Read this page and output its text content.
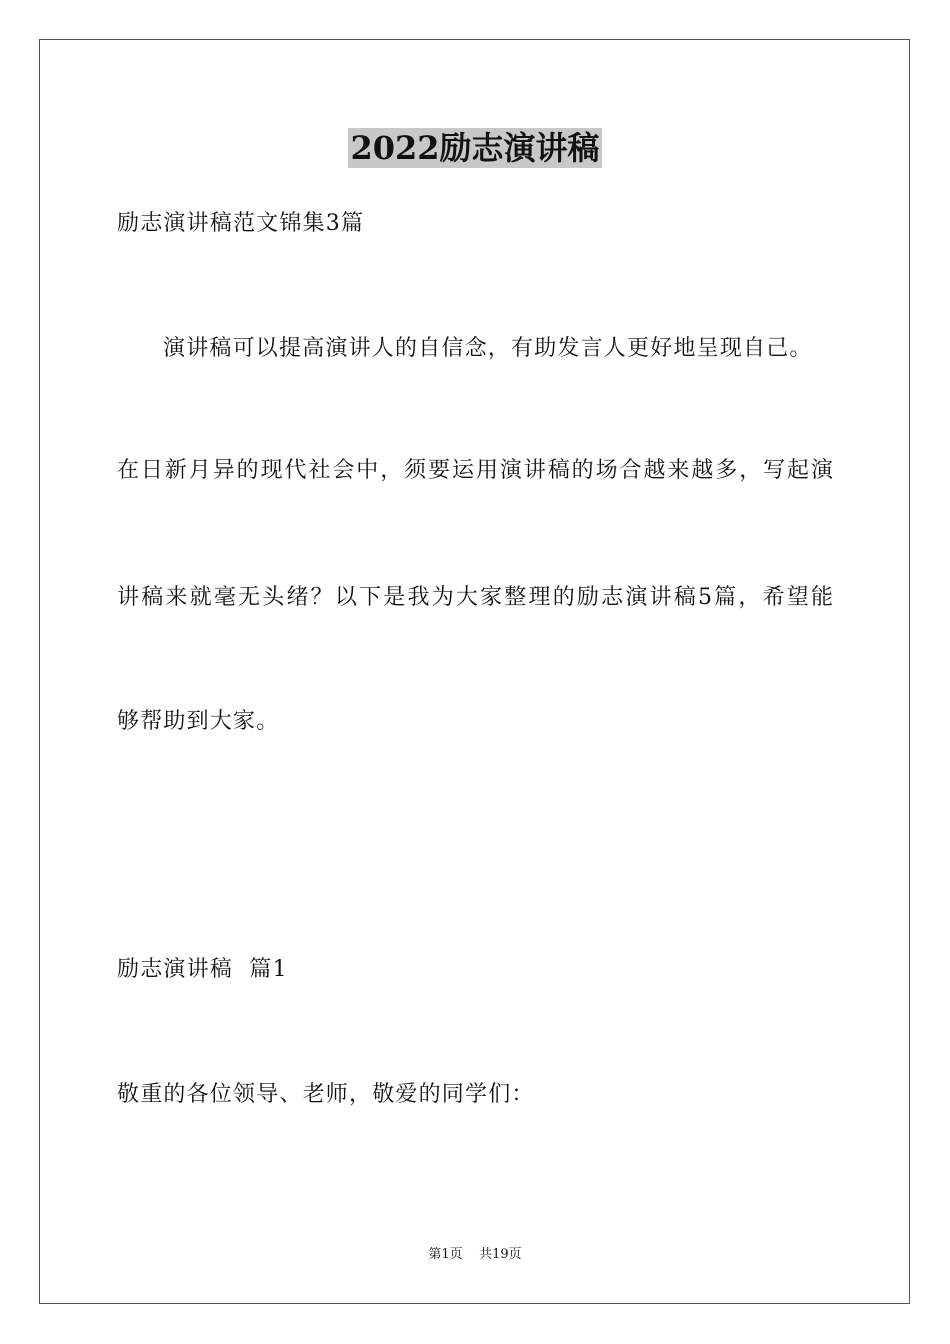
2022励志演讲稿
励志演讲稿范文锦集3篇
演讲稿可以提高演讲人的自信念，有助发言人更好地呈现自己。
在日新月异的现代社会中，须要运用演讲稿的场合越来越多，写起演
讲稿来就毫无头绪？以下是我为大家整理的励志演讲稿5篇，希望能
够帮助到大家。
励志演讲稿  篇1
敬重的各位领导、老师，敬爱的同学们：
第1页    共19页
